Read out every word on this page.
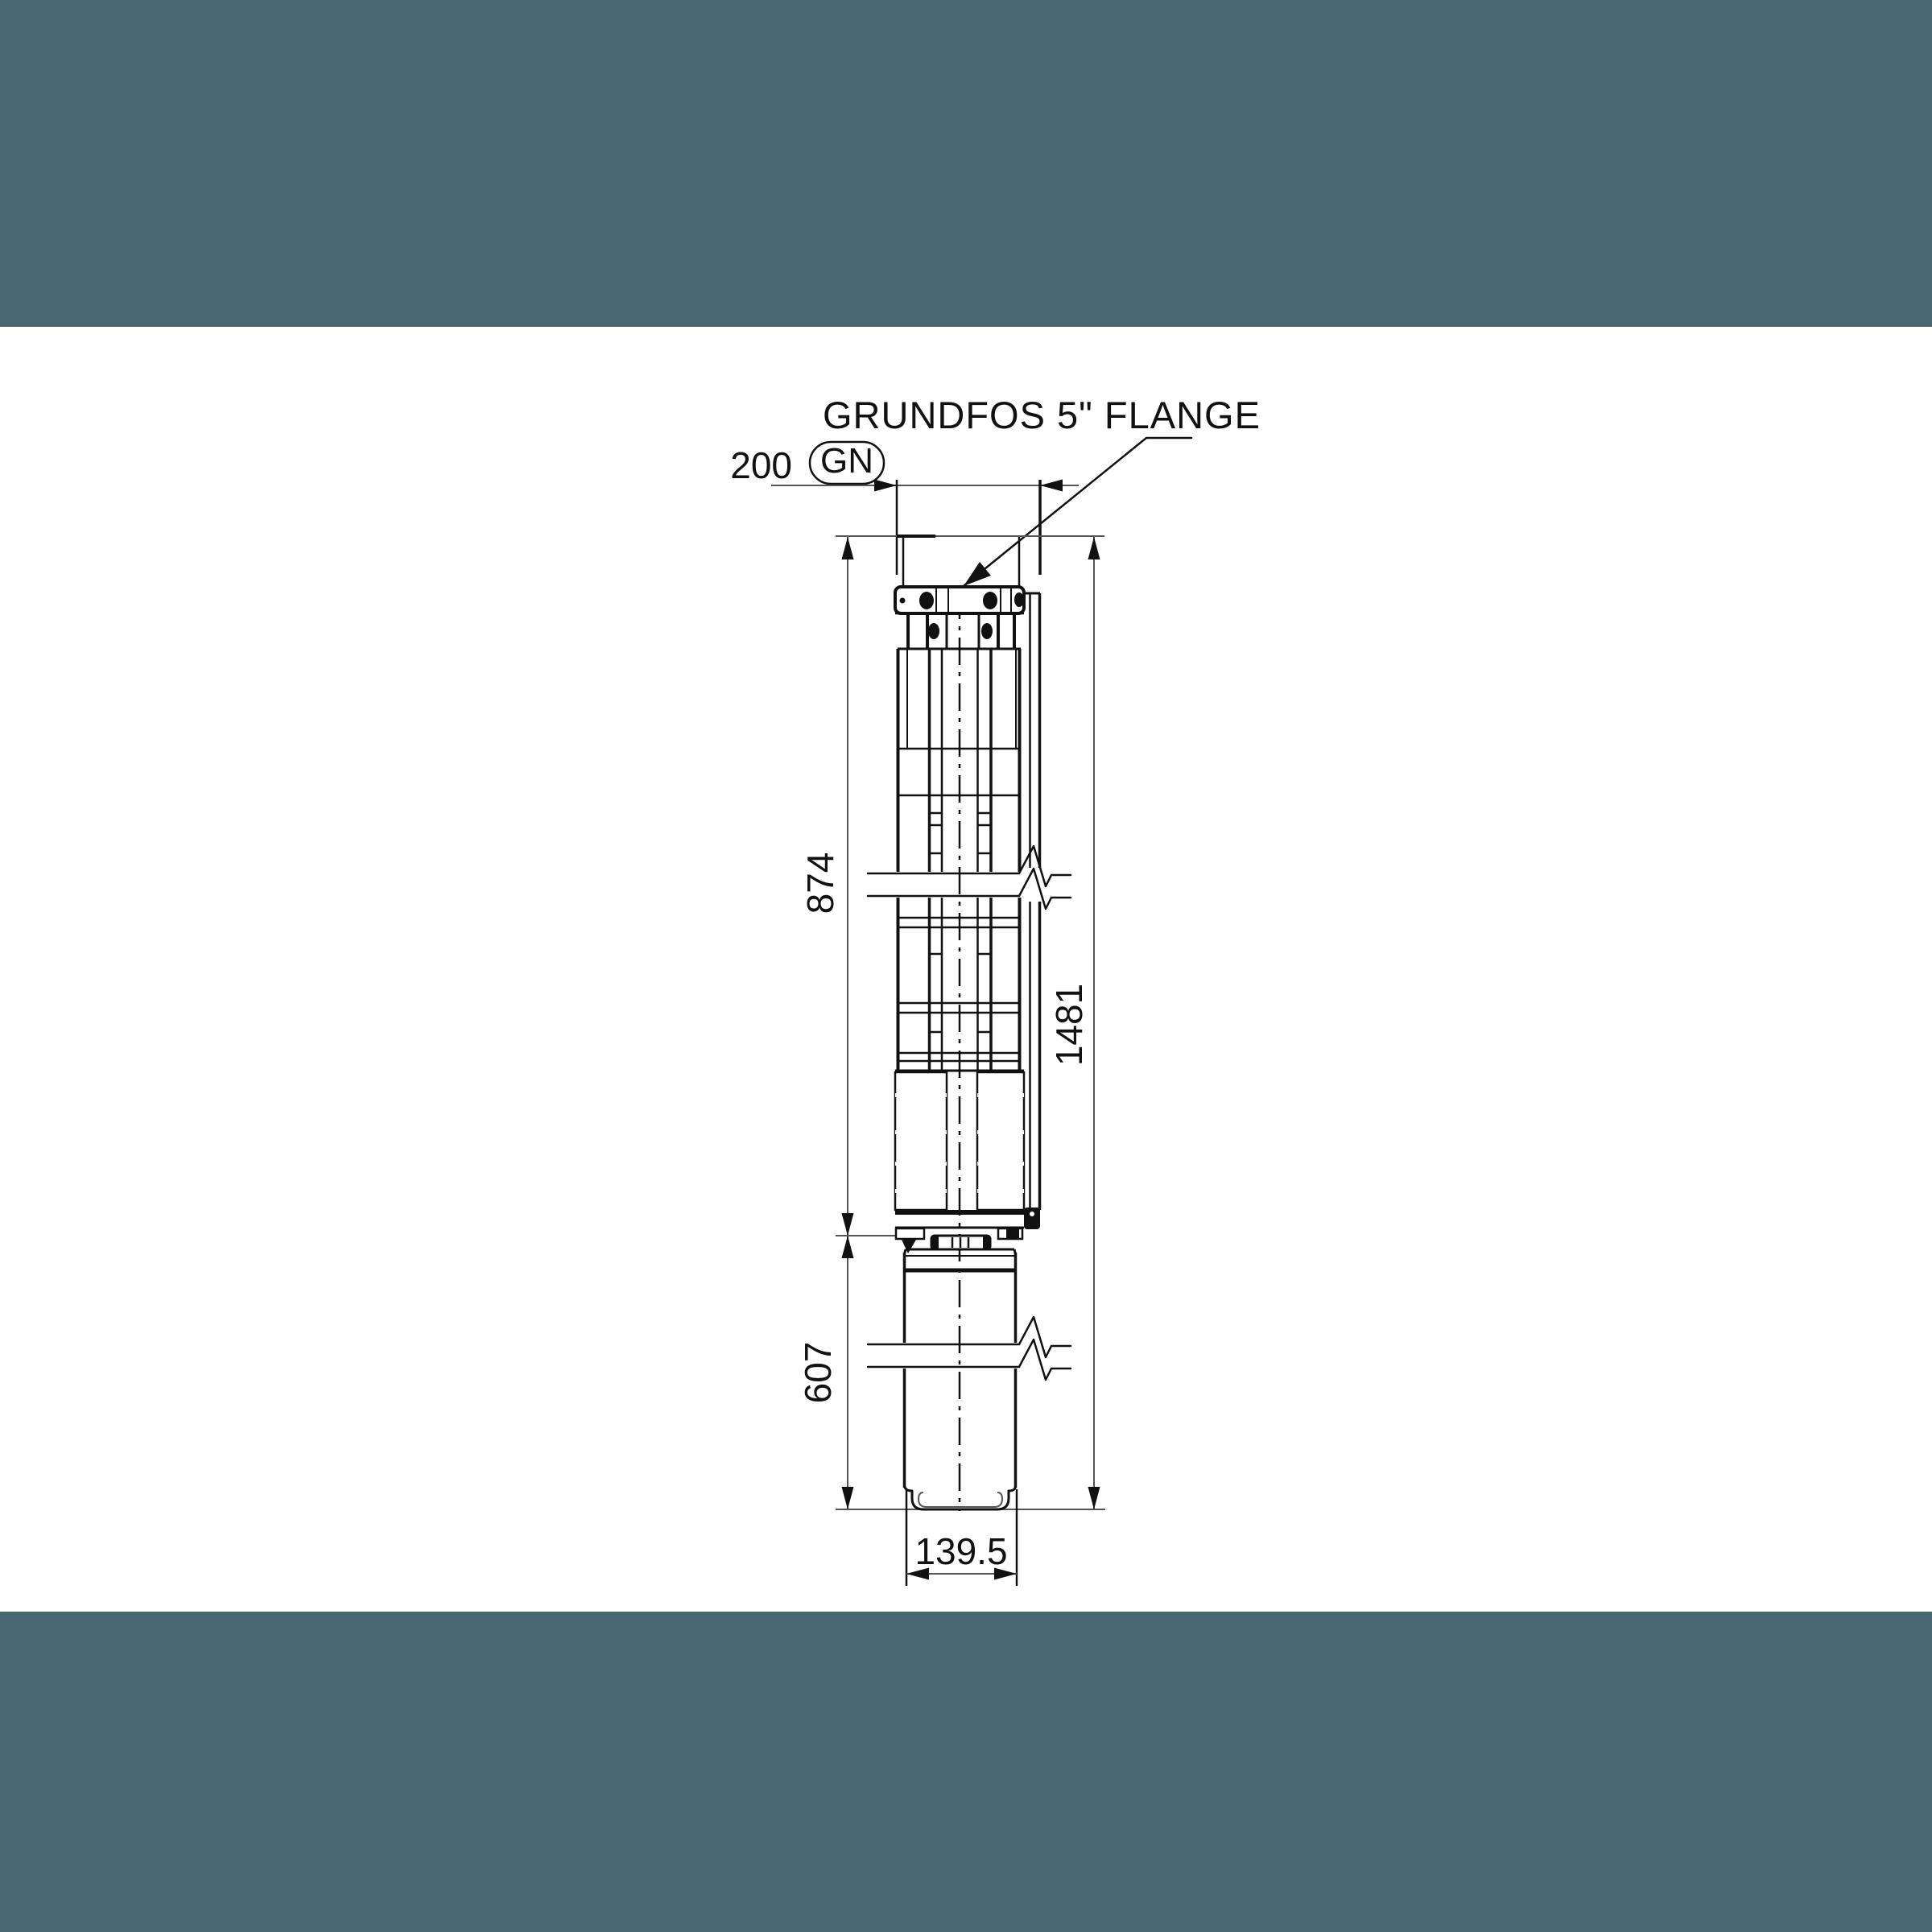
GRUNDFOS 5" FLANGE
200 GN
874
607
1481
139.5
